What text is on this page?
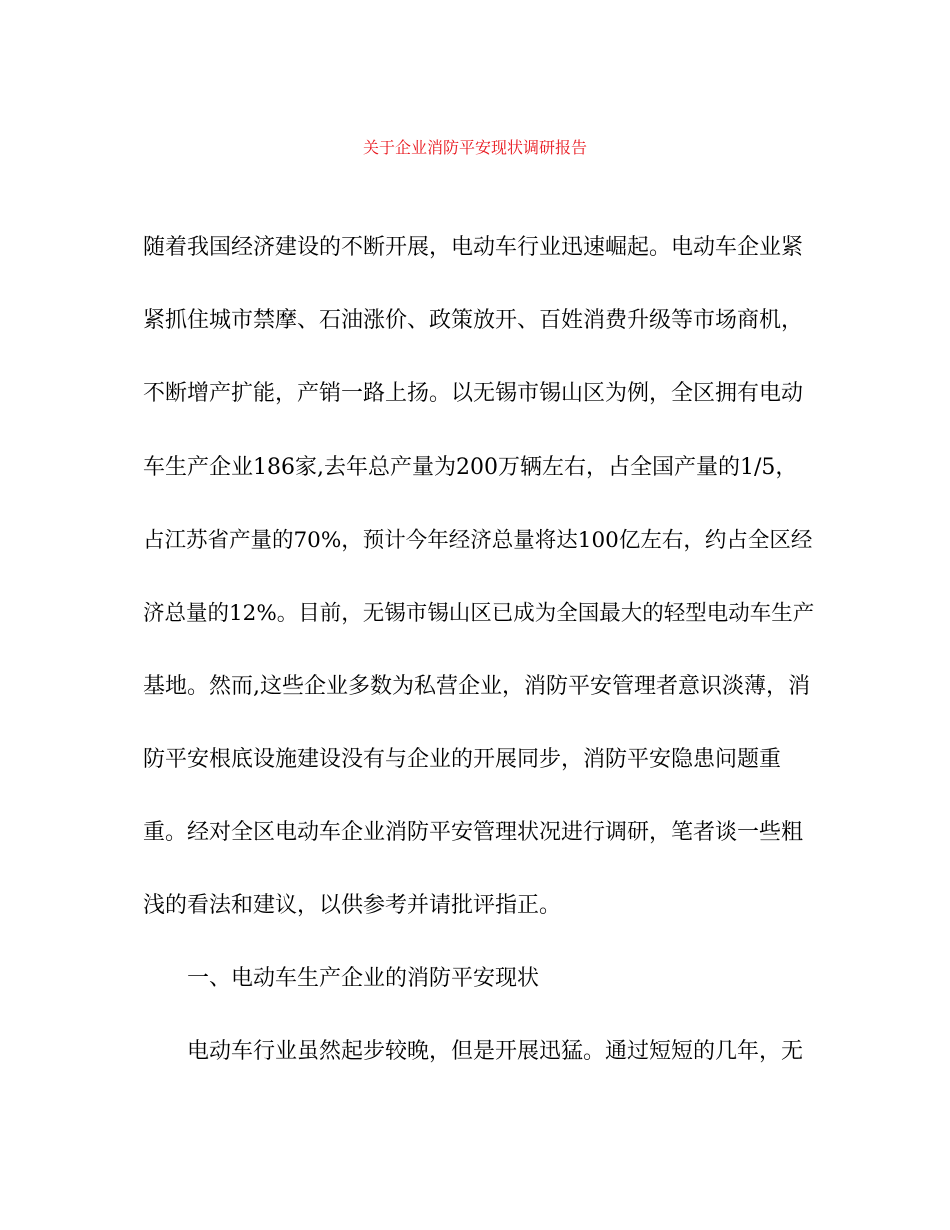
关于企业消防平安现状调研报告
随着我国经济建设的不断开展，电动车行业迅速崛起。电动车企业紧
紧抓住城市禁摩、石油涨价、政策放开、百姓消费升级等市场商机，
不断增产扩能，产销一路上扬。以无锡市锡山区为例，全区拥有电动
车生产企业186家,去年总产量为200万辆左右，占全国产量的1/5，
占江苏省产量的70%，预计今年经济总量将达100亿左右，约占全区经
济总量的12%。目前，无锡市锡山区已成为全国最大的轻型电动车生产
基地。然而,这些企业多数为私营企业，消防平安管理者意识淡薄，消
防平安根底设施建设没有与企业的开展同步，消防平安隐患问题重
重。经对全区电动车企业消防平安管理状况进行调研，笔者谈一些粗
浅的看法和建议，以供参考并请批评指正。
一、电动车生产企业的消防平安现状
电动车行业虽然起步较晚，但是开展迅猛。通过短短的几年，无
